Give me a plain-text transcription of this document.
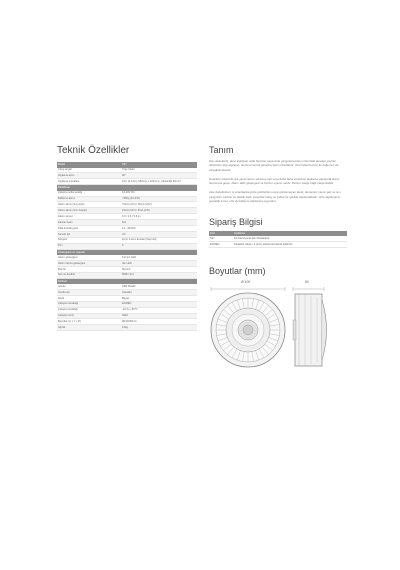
Teknik Özellikler
Model	S17
Çıkış sinyali	3 tip röleler
Algılama açısı	90°
Algılama mesafesi	10m (0-12m) (350mm x 220mm), yüksekliği 50mm'i
Elektriksel	
Çalışma voltaj aralığı	10-30V DC
Bekleme akımı	<450µ (12-24V)
Alarm akımı (Sıcı Açık)	75mA (12V) / 35mA (24V)
Alarm akımı (Sıcı Kapalı)	15mA (12V) / 8mA (24V)
Alarm süresi	0.3 / 1.6 / 5.6 sn
Zaman Ayarı	5sn
Röle kontak gücü	1A - 30VDC
Sensör tipi	UV
Tampon	Form S kuru kontak (Seçmeli)
Pim	6
Göstergeler ve Uyarılar	
Alarm göstergesi	Kırmızı LED
Alarm hafıza göstergesi	Var LED
Buzzer	Mevcut
Ses ve desibel	85db (1m)
Fiziksel	
Gövde	ABS Plastik
Gövde tipi	Standart
Renk	Beyaz
Çalışma Sıcaklığı	ECMEN
Çalışma sıcaklığı	-10°C~+50°C
Çalışma nemi	%RH
Boyutlar (Ç x Y x D)	Ø100x50mm
Ağırlık	140g
Tanım

Alev dedektörü, alevi algılayan optik hücreler sayesinde yangınlara karşı ortamdaki alevden yayılan ultraviolet ışığı algılayıp, durumu kontrol paneline iletim cihazlardır. Üzerindeki buzzer ile bağımsız da çalışabilmektedir.

Dedektör ultraviole ışık yansımasını süresine eşit veya daha fazla süresince algılama yapığında alarm durumuna geçer. Alarm LED göstergesi ve buzzer uyarısı vardır. Buzzer isteğe bağlı çalıştırılabilir.

Alev dedektörleri, iç ortamlarda gözle görülebilen veya görülemeyen alevli, dumansız yanıcı gaz ve sıvı yangınları, karbon ve plastik bazlı yangınlar kolay ve çabuk bir şekilde algılamaktadır. Hızlı algılamanın gerektiği konut, ofis vb kullanım alanlarına uygundur.

Sipariş Bilgisi
Kod	Açıklama
S17	Konvansiyonel Alev Dedektörü
ECMEN	Dedektör tabanı, 4 pimli, adresli ürünlerde kullanılır
Boyutlar (mm)
Ø 100	50
